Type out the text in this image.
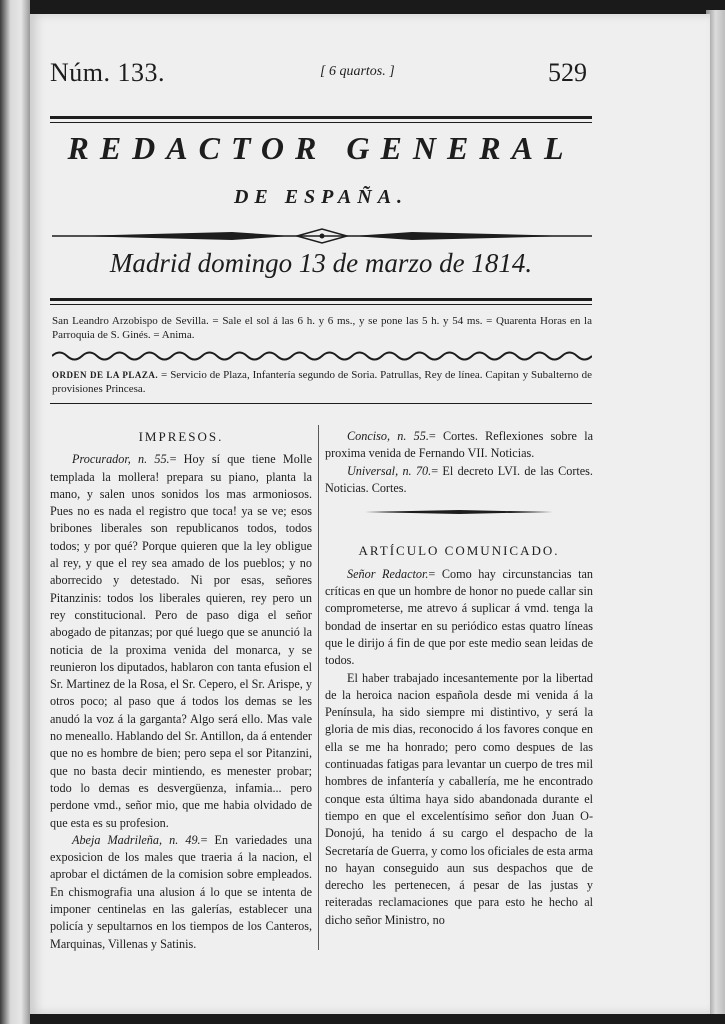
Núm. 133.	[ 6 quartos. ]	529
REDACTOR GENERAL
DE ESPAÑA.
Madrid domingo 13 de marzo de 1814.
San Leandro Arzobispo de Sevilla. = Sale el sol á las 6 h. y 6 ms., y se pone las 5 h. y 54 ms. = Quarenta Horas en la Parroquia de S. Ginés. = Anima.
ORDEN DE LA PLAZA. = Servicio de Plaza, Infantería segundo de Soria. Patrullas, Rey de línea. Capitan y Subalterno de provisiones Princesa.
IMPRESOS.

Procurador, n. 55.= Hoy sí que tiene Molle templada la mollera! prepara su piano, planta la mano, y salen unos sonidos los mas armoniosos. Pues no es nada el registro que toca! ya se ve; esos bribones liberales son republicanos todos, todos todos; y por qué? Porque quieren que la ley obligue al rey, y que el rey sea amado de los pueblos; y no aborrecido y detestado. Ni por esas, señores Pitanzinis: todos los liberales quieren, rey pero un rey constitucional. Pero de paso diga el señor abogado de pitanzas; por qué luego que se anunció la noticia de la proxima venida del monarca, y se reunieron los diputados, hablaron con tanta efusion el Sr. Martinez de la Rosa, el Sr. Cepero, el Sr. Arispe, y otros poco; al paso que á todos los demas se les anudó la voz á la garganta? Algo será ello. Mas vale no meneallo. Hablando del Sr. Antillon, da á entender que no es hombre de bien; pero sepa el sor Pitanzini, que no basta decir mintiendo, es menester probar; todo lo demas es desvergüenza, infamia... pero perdone vmd., señor mio, que me habia olvidado de que esta es su profesion.

Abeja Madrileña, n. 49.= En variedades una exposicion de los males que traeria á la nacion, el aprobar el dictámen de la comision sobre empleados. En chismografia una alusion á lo que se intenta de imponer centinelas en las galerías, establecer una policía y sepultarnos en los tiempos de los Canteros, Marquinas, Villenas y Satinis.

Conciso, n. 55.= Cortes. Reflexiones sobre la proxima venida de Fernando VII. Noticias.

Universal, n. 70.= El decreto LVI. de las Cortes. Noticias. Cortes.

ARTÍCULO COMUNICADO.

Señor Redactor.= Como hay circunstancias tan críticas en que un hombre de honor no puede callar sin comprometerse, me atrevo á suplicar á vmd. tenga la bondad de insertar en su periódico estas quatro líneas que le dirijo á fin de que por este medio sean leidas de todos.

El haber trabajado incesantemente por la libertad de la heroica nacion española desde mi venida á la Península, ha sido siempre mi distintivo, y será la gloria de mis dias, reconocido á los favores conque en ella se me ha honrado; pero como despues de las continuadas fatigas para levantar un cuerpo de tres mil hombres de infantería y caballería, me he encontrado conque esta última haya sido abandonada durante el tiempo en que el excelentísimo señor don Juan O-Donojú, ha tenido á su cargo el despacho de la Secretaría de Guerra, y como los oficiales de esta arma no hayan conseguido aun sus despachos que de derecho les pertenecen, á pesar de las justas y reiteradas reclamaciones que para esto he hecho al dicho señor Ministro, no
